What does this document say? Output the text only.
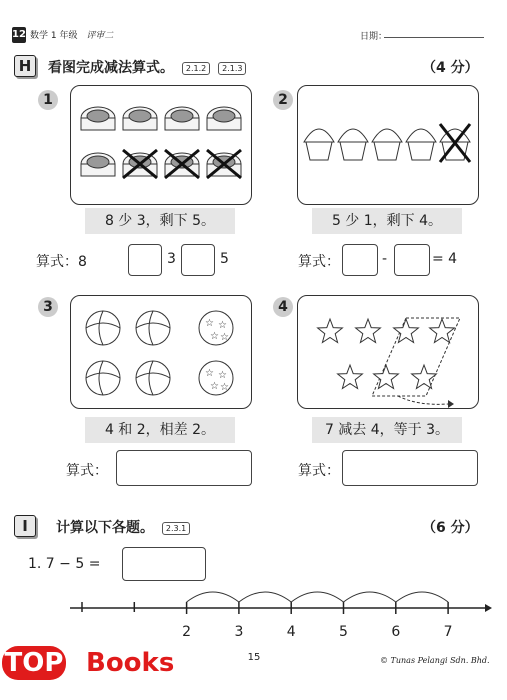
12 数学 1 年级 评审二	日期：
H	看图完成减法算式。 2.1.2 2.1.3	（4 分）
1
8 少 3，剩下 5。
算式：8	3	5
2
5 少 1，剩下 4。
算式：	-	= 4
3
☆ ☆
☆ ☆
☆ ☆
☆ ☆
4 和 2，相差 2。
算式：
4
7 减去 4，等于 3。
算式：
I	计算以下各题。 2.3.1	（6 分）
1. 7 − 5 =
2	3	4	5	6	7
TOP Books	15	© Tunas Pelangi Sdn. Bhd.
